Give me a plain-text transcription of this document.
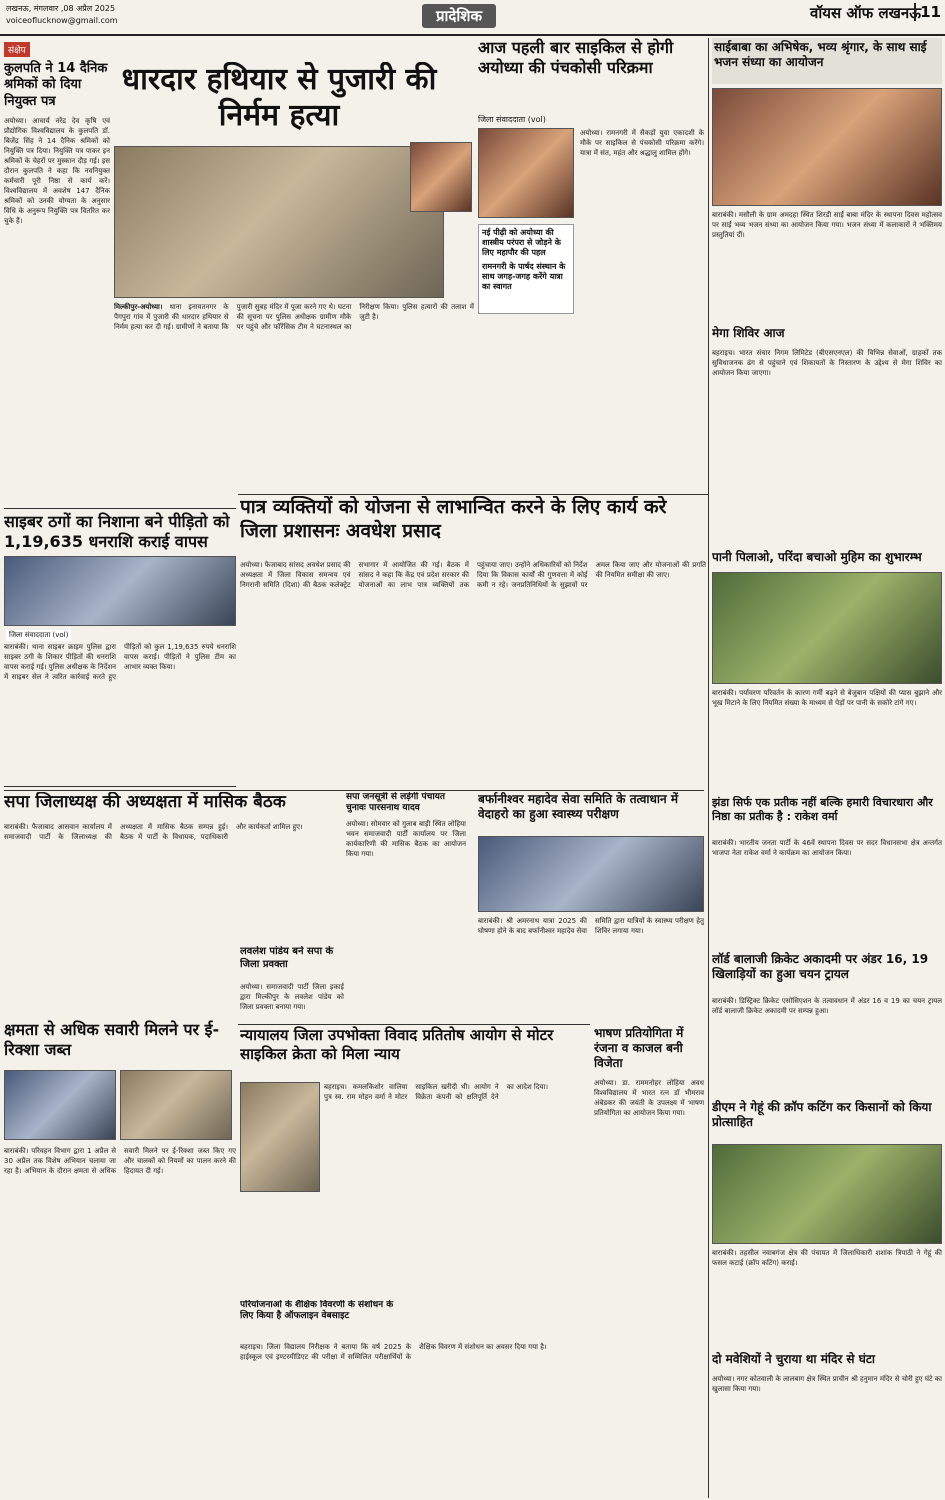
लखनऊ, मंगलवार ,08 अप्रैल 2025
voiceoflucknow@gmail.com	प्रादेशिक	वॉयस ऑफ लखनऊ 11
संक्षेप
कुलपति ने 14 दैनिक श्रमिकों को दिया नियुक्त पत्र
अयोध्या। आचार्य नरेंद्र देव कृषि एवं प्रौद्योगिक विश्वविद्यालय के कुलपति डॉ. बिजेंद्र सिंह ने 14 दैनिक श्रमिकों को नियुक्ति पत्र दिया। नियुक्ति पत्र पाकर इन श्रमिकों के चेहरों पर मुस्कान दौड़ गई। इस दौरान कुलपति ने कहा कि नवनियुक्त कर्मचारी पूरी निष्ठा से कार्य करें। विश्वविद्यालय में अवशेष 147 दैनिक श्रमिकों को उनकी योग्यता के अनुसार विधि के अनुरूप नियुक्ति पत्र वितरित कर चुके हैं।
साइबर ठगों का निशाना बने पीड़ितो को 1,19,635 धनराशि कराई वापस
जिला संवाददाता (vol)
बाराबंकी। थाना साइबर क्राइम पुलिस द्वारा साइबर ठगी के शिकार पीड़ितों की धनराशि वापस कराई गई। पुलिस अधीक्षक के निर्देशन में साइबर सेल ने त्वरित कार्रवाई करते हुए पीड़ितों को कुल 1,19,635 रुपये धनराशि वापस कराई। पीड़ितों ने पुलिस टीम का आभार व्यक्त किया।
क्षमता से अधिक सवारी मिलने पर ई- रिक्शा जब्त
बाराबंकी। परिवहन विभाग द्वारा 1 अप्रैल से 30 अप्रैल तक विशेष अभियान चलाया जा रहा है। अभियान के दौरान क्षमता से अधिक सवारी मिलने पर ई-रिक्शा जब्त किए गए और चालकों को नियमों का पालन करने की हिदायत दी गई।
धारदार हथियार से पुजारी की निर्मम हत्या
मिल्कीपुर-अयोध्या। थाना इनायतनगर के पैगपुरा गांव में पुजारी की धारदार हथियार से निर्मम हत्या कर दी गई। ग्रामीणों ने बताया कि पुजारी सुबह मंदिर में पूजा करने गए थे। घटना की सूचना पर पुलिस अधीक्षक ग्रामीण मौके पर पहुंचे और फॉरेंसिक टीम ने घटनास्थल का निरीक्षण किया। पुलिस हत्यारों की तलाश में जुटी है।
आज पहली बार साइकिल से होगी अयोध्या की पंचकोसी परिक्रमा
जिला संवाददाता (vol)
नई पीढ़ी को अयोध्या की शास्त्रीय परंपरा से जोड़ने के लिए महापौर की पहल
रामनगरी के पार्षद संस्थान के साथ जगह-जगह करेंगे यात्रा का स्वागत
अयोध्या। रामनगरी में सैकड़ों युवा एकादशी के मौके पर साइकिल से पंचकोसी परिक्रमा करेंगे। यात्रा में संत, महंत और श्रद्धालु शामिल होंगे।
पात्र व्यक्तियों को योजना से लाभान्वित करने के लिए कार्य करे जिला प्रशासनः अवधेश प्रसाद
अयोध्या। फैजाबाद सांसद अवधेश प्रसाद की अध्यक्षता में जिला विकास समन्वय एवं निगरानी समिति (दिशा) की बैठक कलेक्ट्रेट सभागार में आयोजित की गई। बैठक में सांसद ने कहा कि केंद्र एवं प्रदेश सरकार की योजनाओं का लाभ पात्र व्यक्तियों तक पहुंचाया जाए। उन्होंने अधिकारियों को निर्देश दिया कि विकास कार्यों की गुणवत्ता में कोई कमी न रहे। जनप्रतिनिधियों के सुझावों पर अमल किया जाए और योजनाओं की प्रगति की नियमित समीक्षा की जाए।
सपा जिलाध्यक्ष की अध्यक्षता में मासिक बैठक
बाराबंकी। फैजाबाद आसवान कार्यालय में समाजवादी पार्टी के जिलाध्यक्ष की अध्यक्षता में मासिक बैठक सम्पन्न हुई। बैठक में पार्टी के विधायक, पदाधिकारी और कार्यकर्ता शामिल हुए।
लवलेश पांडेय बने सपा के जिला प्रवक्ता
अयोध्या। समाजवादी पार्टी जिला इकाई द्वारा मिल्कीपुर के लवलेश पांडेय को जिला प्रवक्ता बनाया गया।
सपा जनसूत्री से लड़ेगी पंचायत चुनावः पारसनाथ यादव
अयोध्या। सोमवार को गुलाब बाड़ी स्थित लोहिया भवन समाजवादी पार्टी कार्यालय पर जिला कार्यकारिणी की मासिक बैठक का आयोजन किया गया।
बर्फानीश्वर महादेव सेवा समिति के तत्वाधान में वेदाहरो का हुआ स्वास्थ्य परीक्षण
बाराबंकी। श्री अमरनाथ यात्रा 2025 की घोषणा होने के बाद बर्फानीश्वर महादेव सेवा समिति द्वारा यात्रियों के स्वास्थ्य परीक्षण हेतु शिविर लगाया गया।
न्यायालय जिला उपभोक्ता विवाद प्रतितोष आयोग से मोटर साइकिल क्रेता को मिला न्याय
बहराइच। कमलकिशोर वालिया पुत्र स्व. राम मोहन वर्मा ने मोटर साइकिल खरीदी थी। आयोग ने विक्रेता कंपनी को क्षतिपूर्ति देने का आदेश दिया।
परियोजनाओं के शैक्षिक विवरणी के संशोधन के लिए किया है ऑफलाइन वेबसाइट
बहराइच। जिला विद्यालय निरीक्षक ने बताया कि वर्ष 2025 के हाईस्कूल एवं इण्टरमीडिएट की परीक्षा में सम्मिलित परीक्षार्थियों के शैक्षिक विवरण में संशोधन का अवसर दिया गया है।
भाषण प्रतियोगिता में रंजना व काजल बनी विजेता
अयोध्या। डा. राममनोहर लोहिया अवध विश्वविद्यालय में भारत रत्न डॉ भीमराव अंबेडकर की जयंती के उपलक्ष्य में भाषण प्रतियोगिता का आयोजन किया गया।
साईबाबा का अभिषेक, भव्य श्रृंगार, के साथ साई भजन संध्या का आयोजन
बाराबंकी। मसौली के ग्राम अमदहा स्थित शिरडी साईं बाबा मंदिर के स्थापना दिवस महोत्सव पर साईं भव्य भजन संध्या का आयोजन किया गया। भजन संध्या में कलाकारों ने भक्तिमय प्रस्तुतियां दीं।
मेगा शिविर आज
बहराइच। भारत संचार निगम लिमिटेड (बीएसएनएल) की विभिन्न सेवाओं, ग्राहकों तक सुविधाजनक ढंग से पहुंचाने एवं शिकायतों के निस्तारण के उद्देश्य से मेगा शिविर का आयोजन किया जाएगा।
पानी पिलाओ, परिंदा बचाओ मुहिम का शुभारम्भ
बाराबंकी। पर्यावरण परिवर्तन के कारण गर्मी बढ़ने से बेजुबान पक्षियों की प्यास बुझाने और भूख मिटाने के लिए नियमित संख्या के माध्यम से पेड़ों पर पानी के सकोरे टांगे गए।
झंडा सिर्फ एक प्रतीक नहीं बल्कि हमारी विचारधारा और निष्ठा का प्रतीक है : राकेश वर्मा
बाराबंकी। भारतीय जनता पार्टी के 46वें स्थापना दिवस पर सदर विधानसभा क्षेत्र अन्तर्गत भाजपा नेता राकेश वर्मा ने कार्यक्रम का आयोजन किया।
लॉर्ड बालाजी क्रिकेट अकादमी पर अंडर 16, 19 खिलाड़ियों का हुआ चयन ट्रायल
बाराबंकी। डिस्ट्रिक्ट क्रिकेट एसोसिएशन के तत्वावधान में अंडर 16 व 19 का चयन ट्रायल लॉर्ड बालाजी क्रिकेट अकादमी पर सम्पन्न हुआ।
डीएम ने गेहूं की क्रॉप कटिंग कर किसानों को किया प्रोत्साहित
बाराबंकी। तहसील नवाबगंज क्षेत्र की पंचायत में जिलाधिकारी शशांक त्रिपाठी ने गेहूं की फसल कटाई (क्रॉप कटिंग) कराई।
दो मवेशियों ने चुराया था मंदिर से घंटा
अयोध्या। नगर कोतवाली के लालबाग क्षेत्र स्थित प्राचीन श्री हनुमान मंदिर से चोरी हुए घंटे का खुलासा किया गया।
